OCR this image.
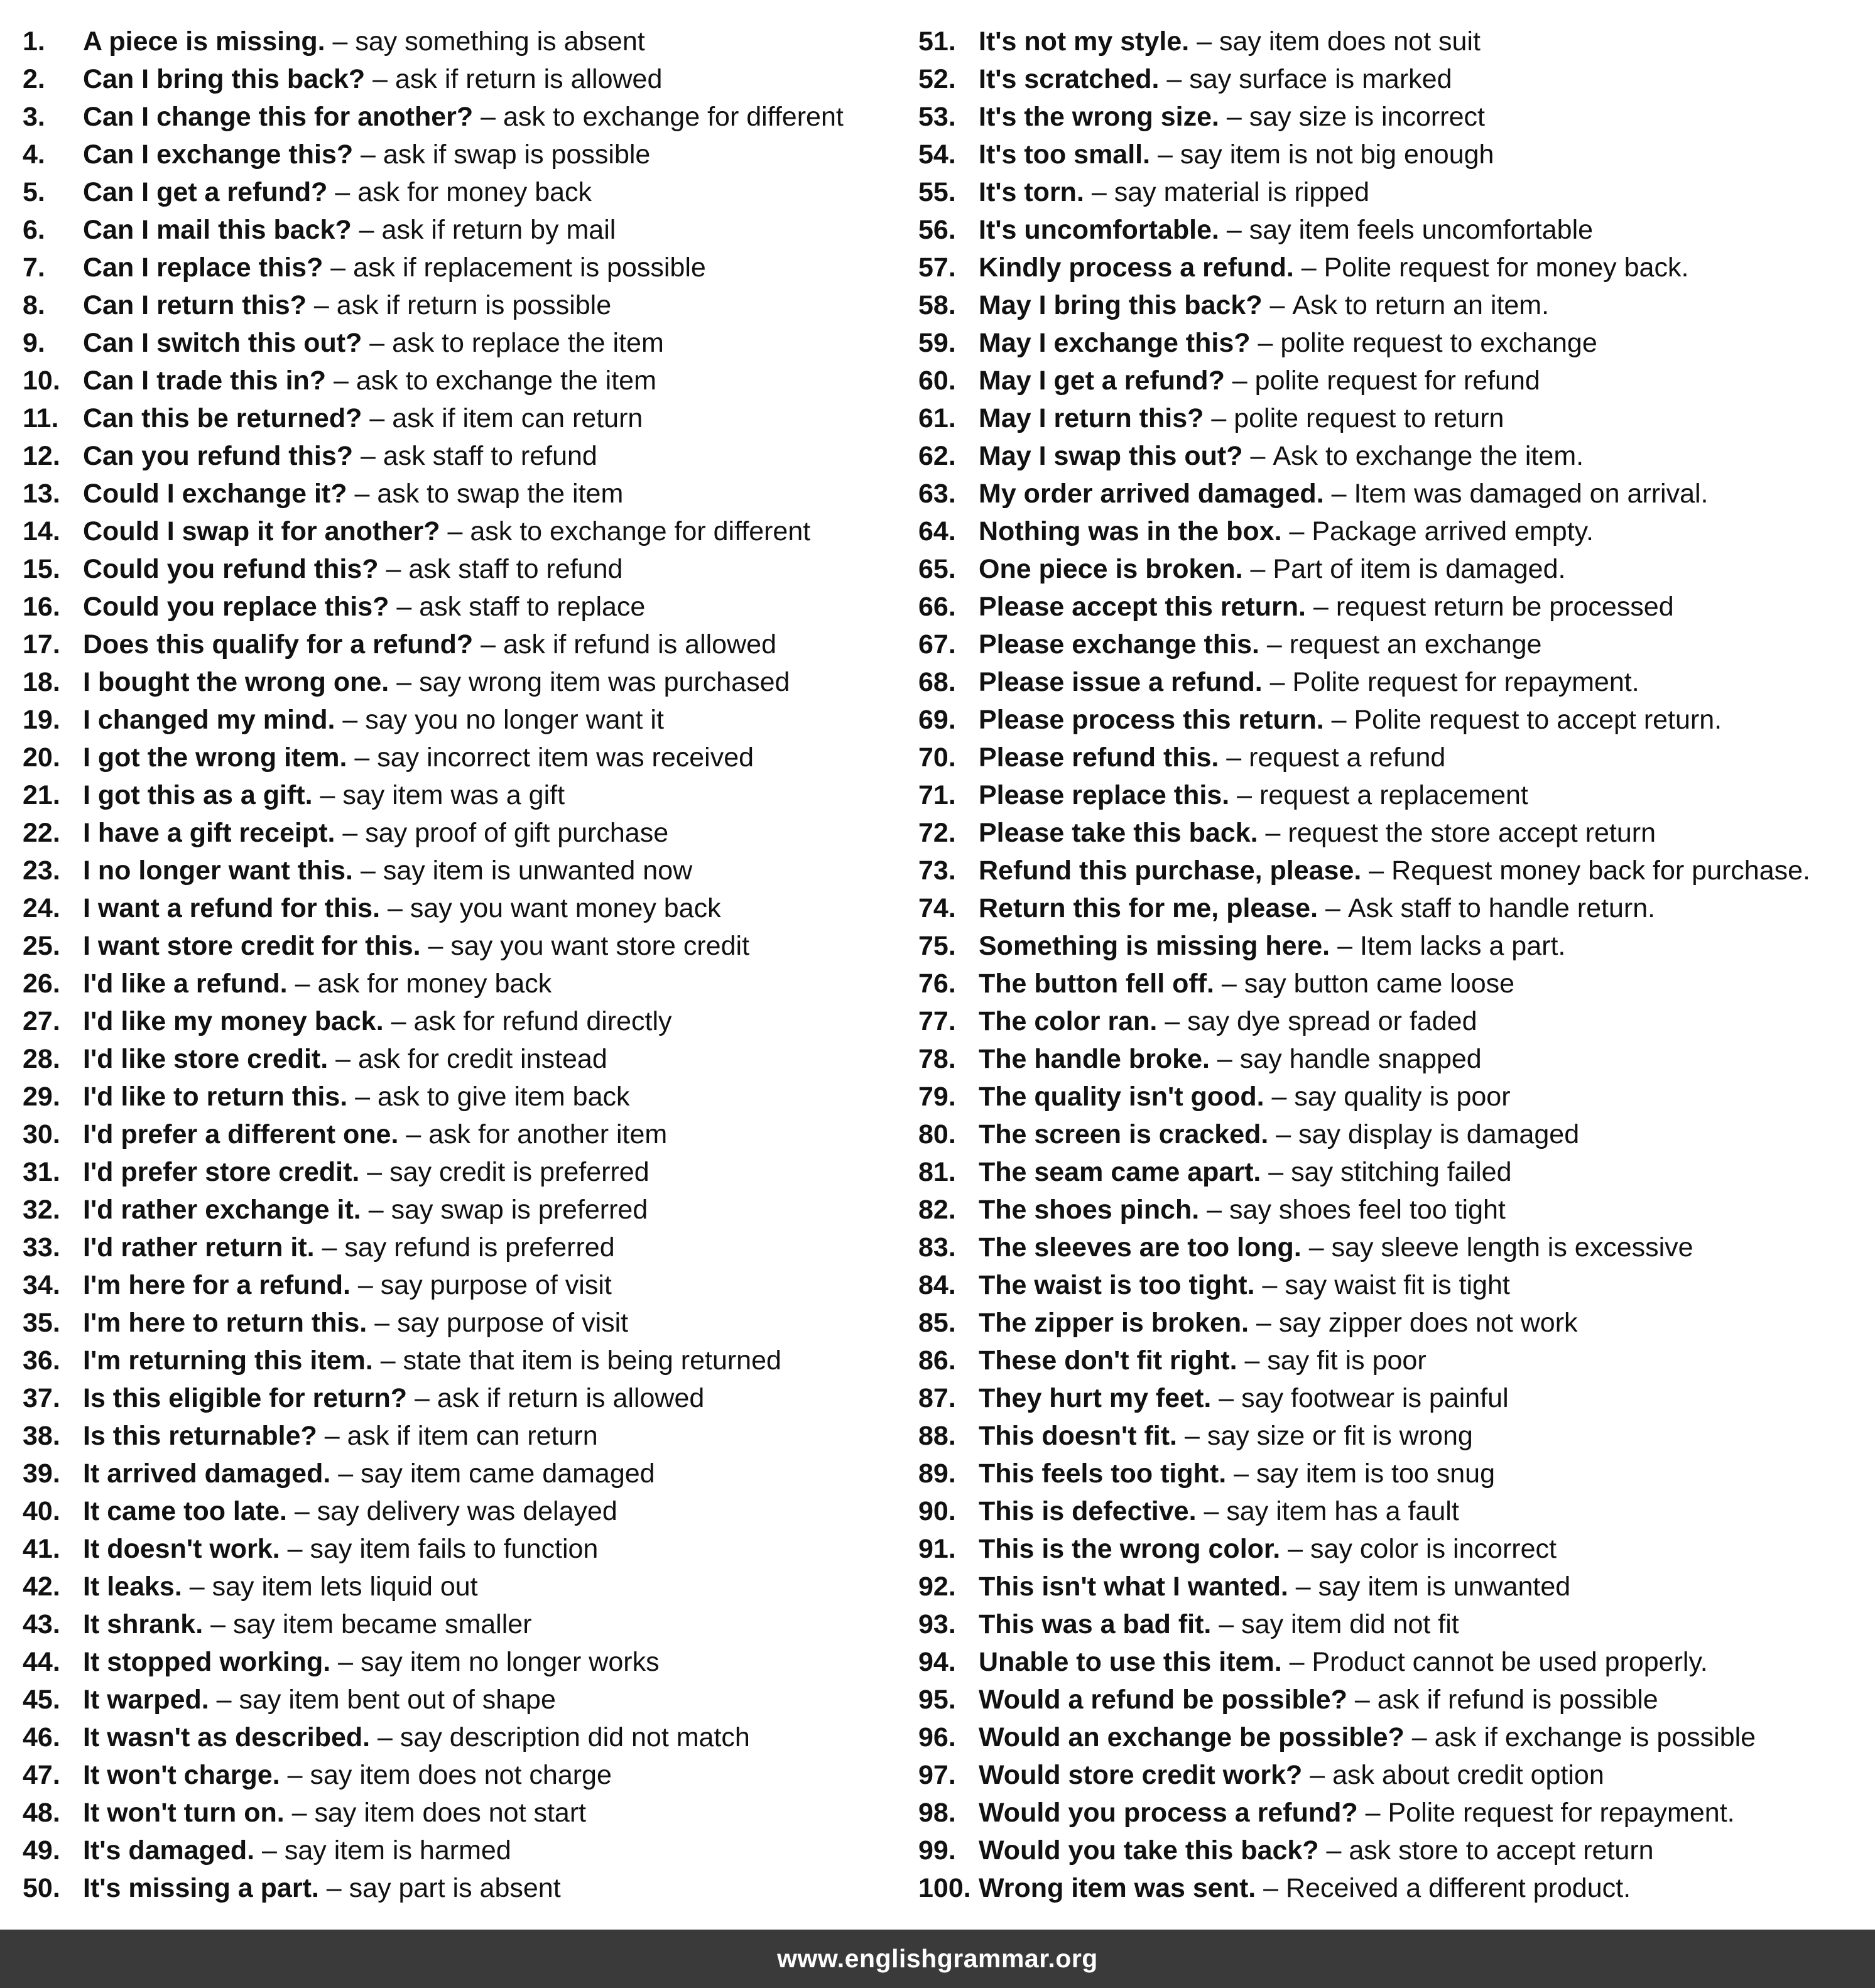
1.	A piece is missing. – say something is absent
2.	Can I bring this back? – ask if return is allowed
3.	Can I change this for another? – ask to exchange for different
4.	Can I exchange this? – ask if swap is possible
5.	Can I get a refund? – ask for money back
6.	Can I mail this back? – ask if return by mail
7.	Can I replace this? – ask if replacement is possible
8.	Can I return this? – ask if return is possible
9.	Can I switch this out? – ask to replace the item
10. Can I trade this in? – ask to exchange the item
11. Can this be returned? – ask if item can return
12. Can you refund this? – ask staff to refund
13. Could I exchange it? – ask to swap the item
14. Could I swap it for another? – ask to exchange for different
15. Could you refund this? – ask staff to refund
16. Could you replace this? – ask staff to replace
17. Does this qualify for a refund? – ask if refund is allowed
18. I bought the wrong one. – say wrong item was purchased
19. I changed my mind. – say you no longer want it
20. I got the wrong item. – say incorrect item was received
21. I got this as a gift. – say item was a gift
22. I have a gift receipt. – say proof of gift purchase
23. I no longer want this. – say item is unwanted now
24. I want a refund for this. – say you want money back
25. I want store credit for this. – say you want store credit
26. I'd like a refund. – ask for money back
27. I'd like my money back. – ask for refund directly
28. I'd like store credit. – ask for credit instead
29. I'd like to return this. – ask to give item back
30. I'd prefer a different one. – ask for another item
31. I'd prefer store credit. – say credit is preferred
32. I'd rather exchange it. – say swap is preferred
33. I'd rather return it. – say refund is preferred
34. I'm here for a refund. – say purpose of visit
35. I'm here to return this. – say purpose of visit
36. I'm returning this item. – state that item is being returned
37. Is this eligible for return? – ask if return is allowed
38. Is this returnable? – ask if item can return
39. It arrived damaged. – say item came damaged
40. It came too late. – say delivery was delayed
41. It doesn't work. – say item fails to function
42. It leaks. – say item lets liquid out
43. It shrank. – say item became smaller
44. It stopped working. – say item no longer works
45. It warped. – say item bent out of shape
46. It wasn't as described. – say description did not match
47. It won't charge. – say item does not charge
48. It won't turn on. – say item does not start
49. It's damaged. – say item is harmed
50. It's missing a part. – say part is absent
51. It's not my style. – say item does not suit
52. It's scratched. – say surface is marked
53. It's the wrong size. – say size is incorrect
54. It's too small. – say item is not big enough
55. It's torn. – say material is ripped
56. It's uncomfortable. – say item feels uncomfortable
57. Kindly process a refund. – Polite request for money back.
58. May I bring this back? – Ask to return an item.
59. May I exchange this? – polite request to exchange
60. May I get a refund? – polite request for refund
61. May I return this? – polite request to return
62. May I swap this out? – Ask to exchange the item.
63. My order arrived damaged. – Item was damaged on arrival.
64. Nothing was in the box. – Package arrived empty.
65. One piece is broken. – Part of item is damaged.
66. Please accept this return. – request return be processed
67. Please exchange this. – request an exchange
68. Please issue a refund. – Polite request for repayment.
69. Please process this return. – Polite request to accept return.
70. Please refund this. – request a refund
71. Please replace this. – request a replacement
72. Please take this back. – request the store accept return
73. Refund this purchase, please. – Request money back for purchase.
74. Return this for me, please. – Ask staff to handle return.
75. Something is missing here. – Item lacks a part.
76. The button fell off. – say button came loose
77. The color ran. – say dye spread or faded
78. The handle broke. – say handle snapped
79. The quality isn't good. – say quality is poor
80. The screen is cracked. – say display is damaged
81. The seam came apart. – say stitching failed
82. The shoes pinch. – say shoes feel too tight
83. The sleeves are too long. – say sleeve length is excessive
84. The waist is too tight. – say waist fit is tight
85. The zipper is broken. – say zipper does not work
86. These don't fit right. – say fit is poor
87. They hurt my feet. – say footwear is painful
88. This doesn't fit. – say size or fit is wrong
89. This feels too tight. – say item is too snug
90. This is defective. – say item has a fault
91. This is the wrong color. – say color is incorrect
92. This isn't what I wanted. – say item is unwanted
93. This was a bad fit. – say item did not fit
94. Unable to use this item. – Product cannot be used properly.
95. Would a refund be possible? – ask if refund is possible
96. Would an exchange be possible? – ask if exchange is possible
97. Would store credit work? – ask about credit option
98. Would you process a refund? – Polite request for repayment.
99. Would you take this back? – ask store to accept return
100. Wrong item was sent. – Received a different product.
www.englishgrammar.org
